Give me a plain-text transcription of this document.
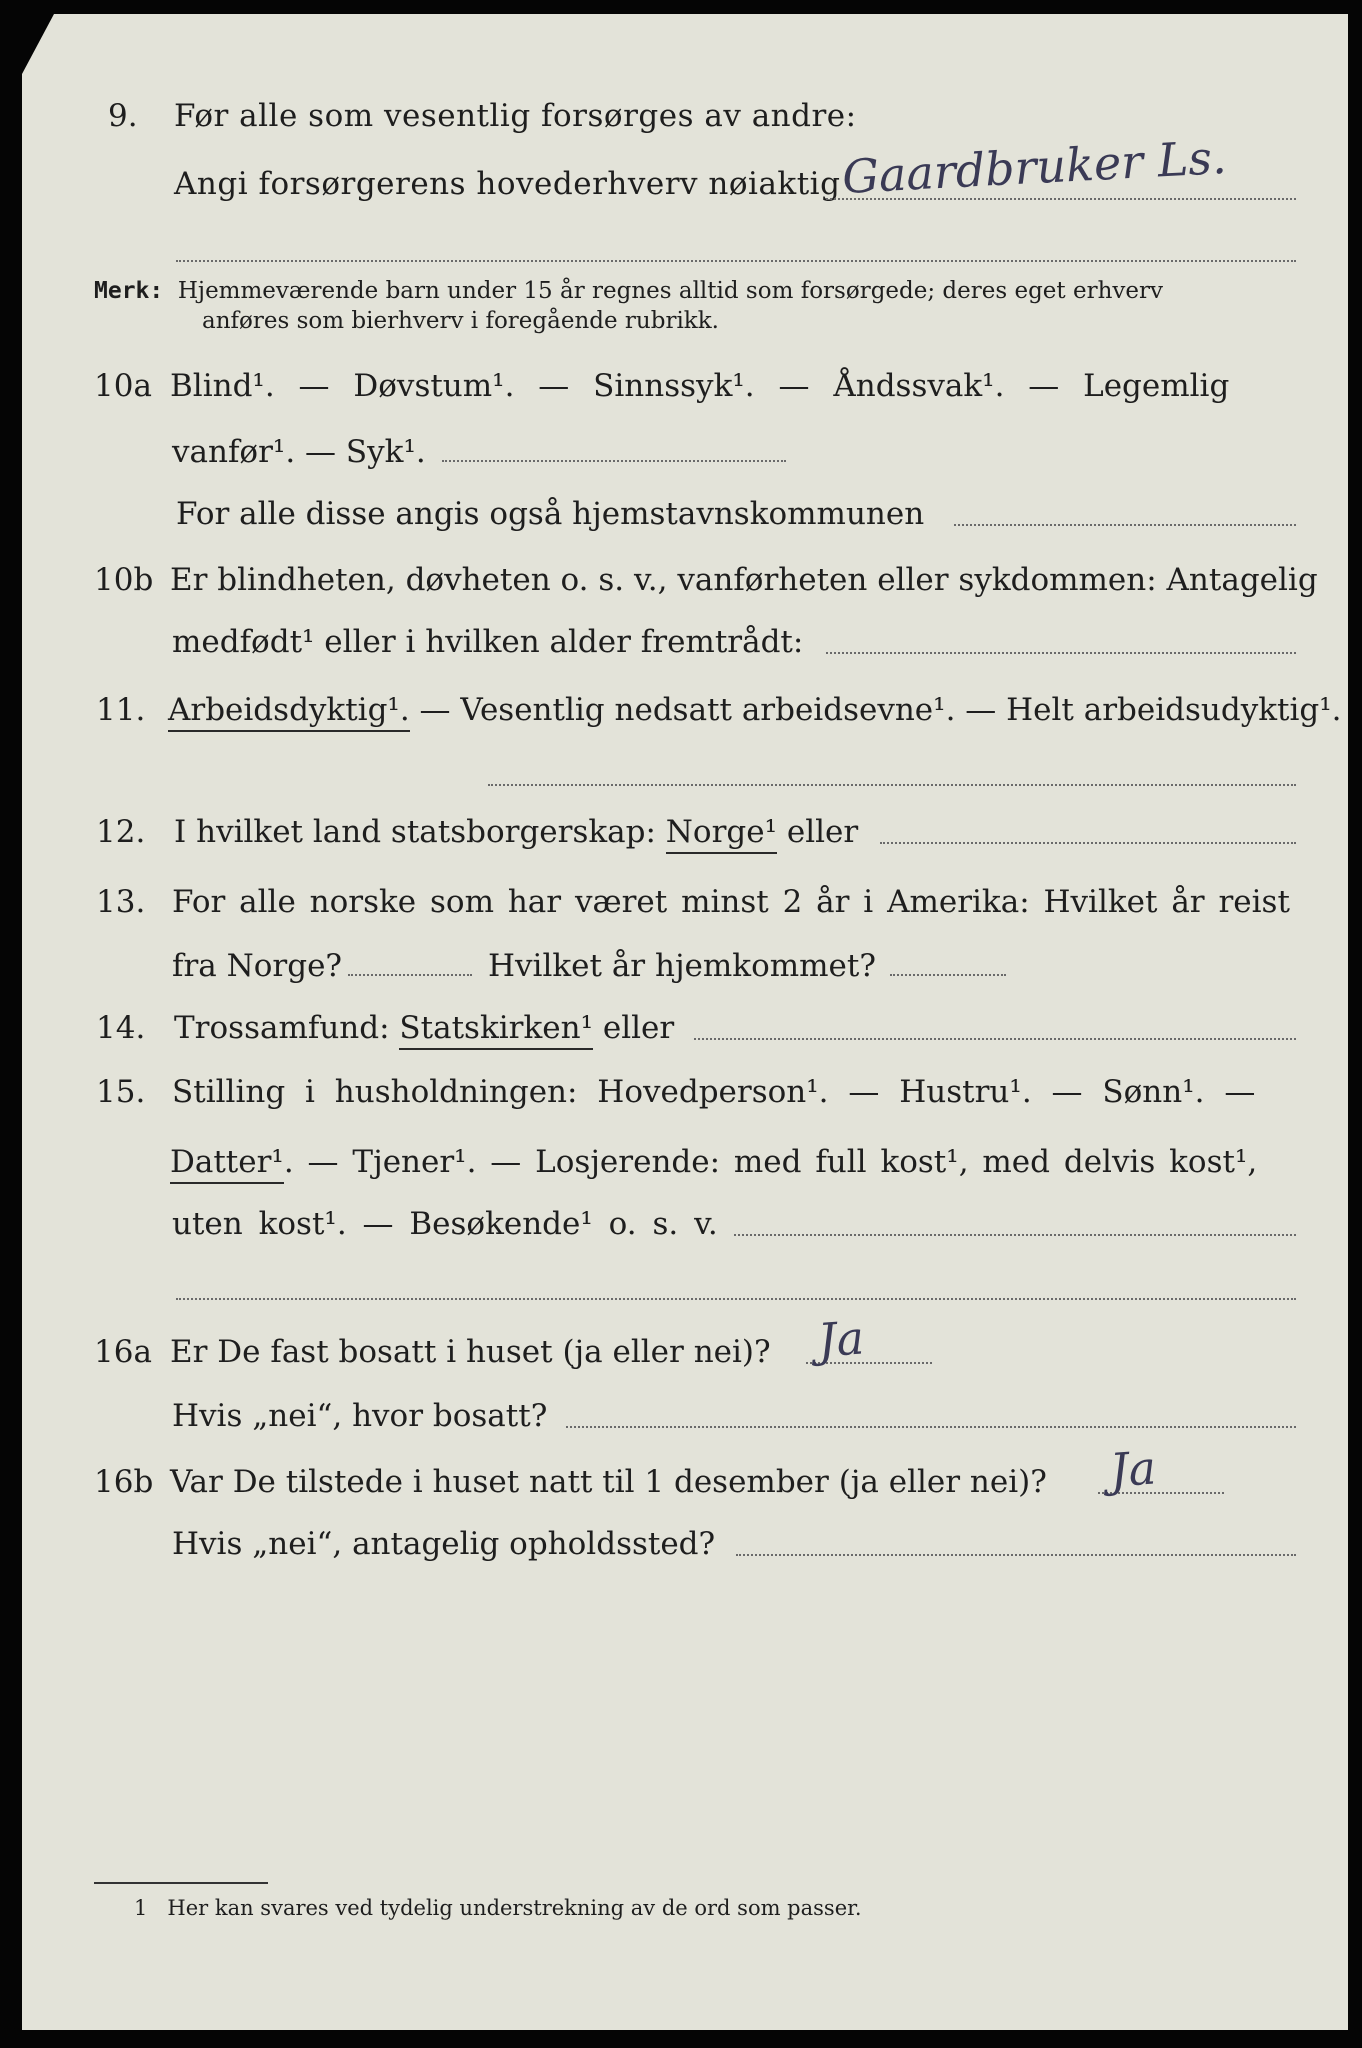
9. Før alle som vesentlig forsørges av andre:
Angi forsørgerens hovederhverv nøiaktig Gaardbruker Ls.
Merk: Hjemmeværende barn under 15 år regnes alltid som forsørgede; deres eget erhverv
anføres som bierhverv i foregående rubrikk.
10a Blind¹. — Døvstum¹. — Sinnssyk¹. — Åndssvak¹. — Legemlig
vanfør¹. — Syk¹.
For alle disse angis også hjemstavnskommunen
10b Er blindheten, døvheten o. s. v., vanførheten eller sykdommen: Antagelig
medfødt¹ eller i hvilken alder fremtrådt:
11. Arbeidsdyktig¹. — Vesentlig nedsatt arbeidsevne¹. — Helt arbeidsudyktig¹.
12. I hvilket land statsborgerskap: Norge¹ eller
13. For alle norske som har været minst 2 år i Amerika: Hvilket år reist
fra Norge?	Hvilket år hjemkommet?
14. Trossamfund: Statskirken¹ eller
15. Stilling i husholdningen: Hovedperson¹. — Hustru¹. — Sønn¹. —
Datter¹. — Tjener¹. — Losjerende: med full kost¹, med delvis kost¹,
uten kost¹. — Besøkende¹ o. s. v.
16a Er De fast bosatt i huset (ja eller nei)? Ja
Hvis „nei“, hvor bosatt?
16b Var De tilstede i huset natt til 1 desember (ja eller nei)? Ja
Hvis „nei“, antagelig opholdssted?
1 Her kan svares ved tydelig understrekning av de ord som passer.
